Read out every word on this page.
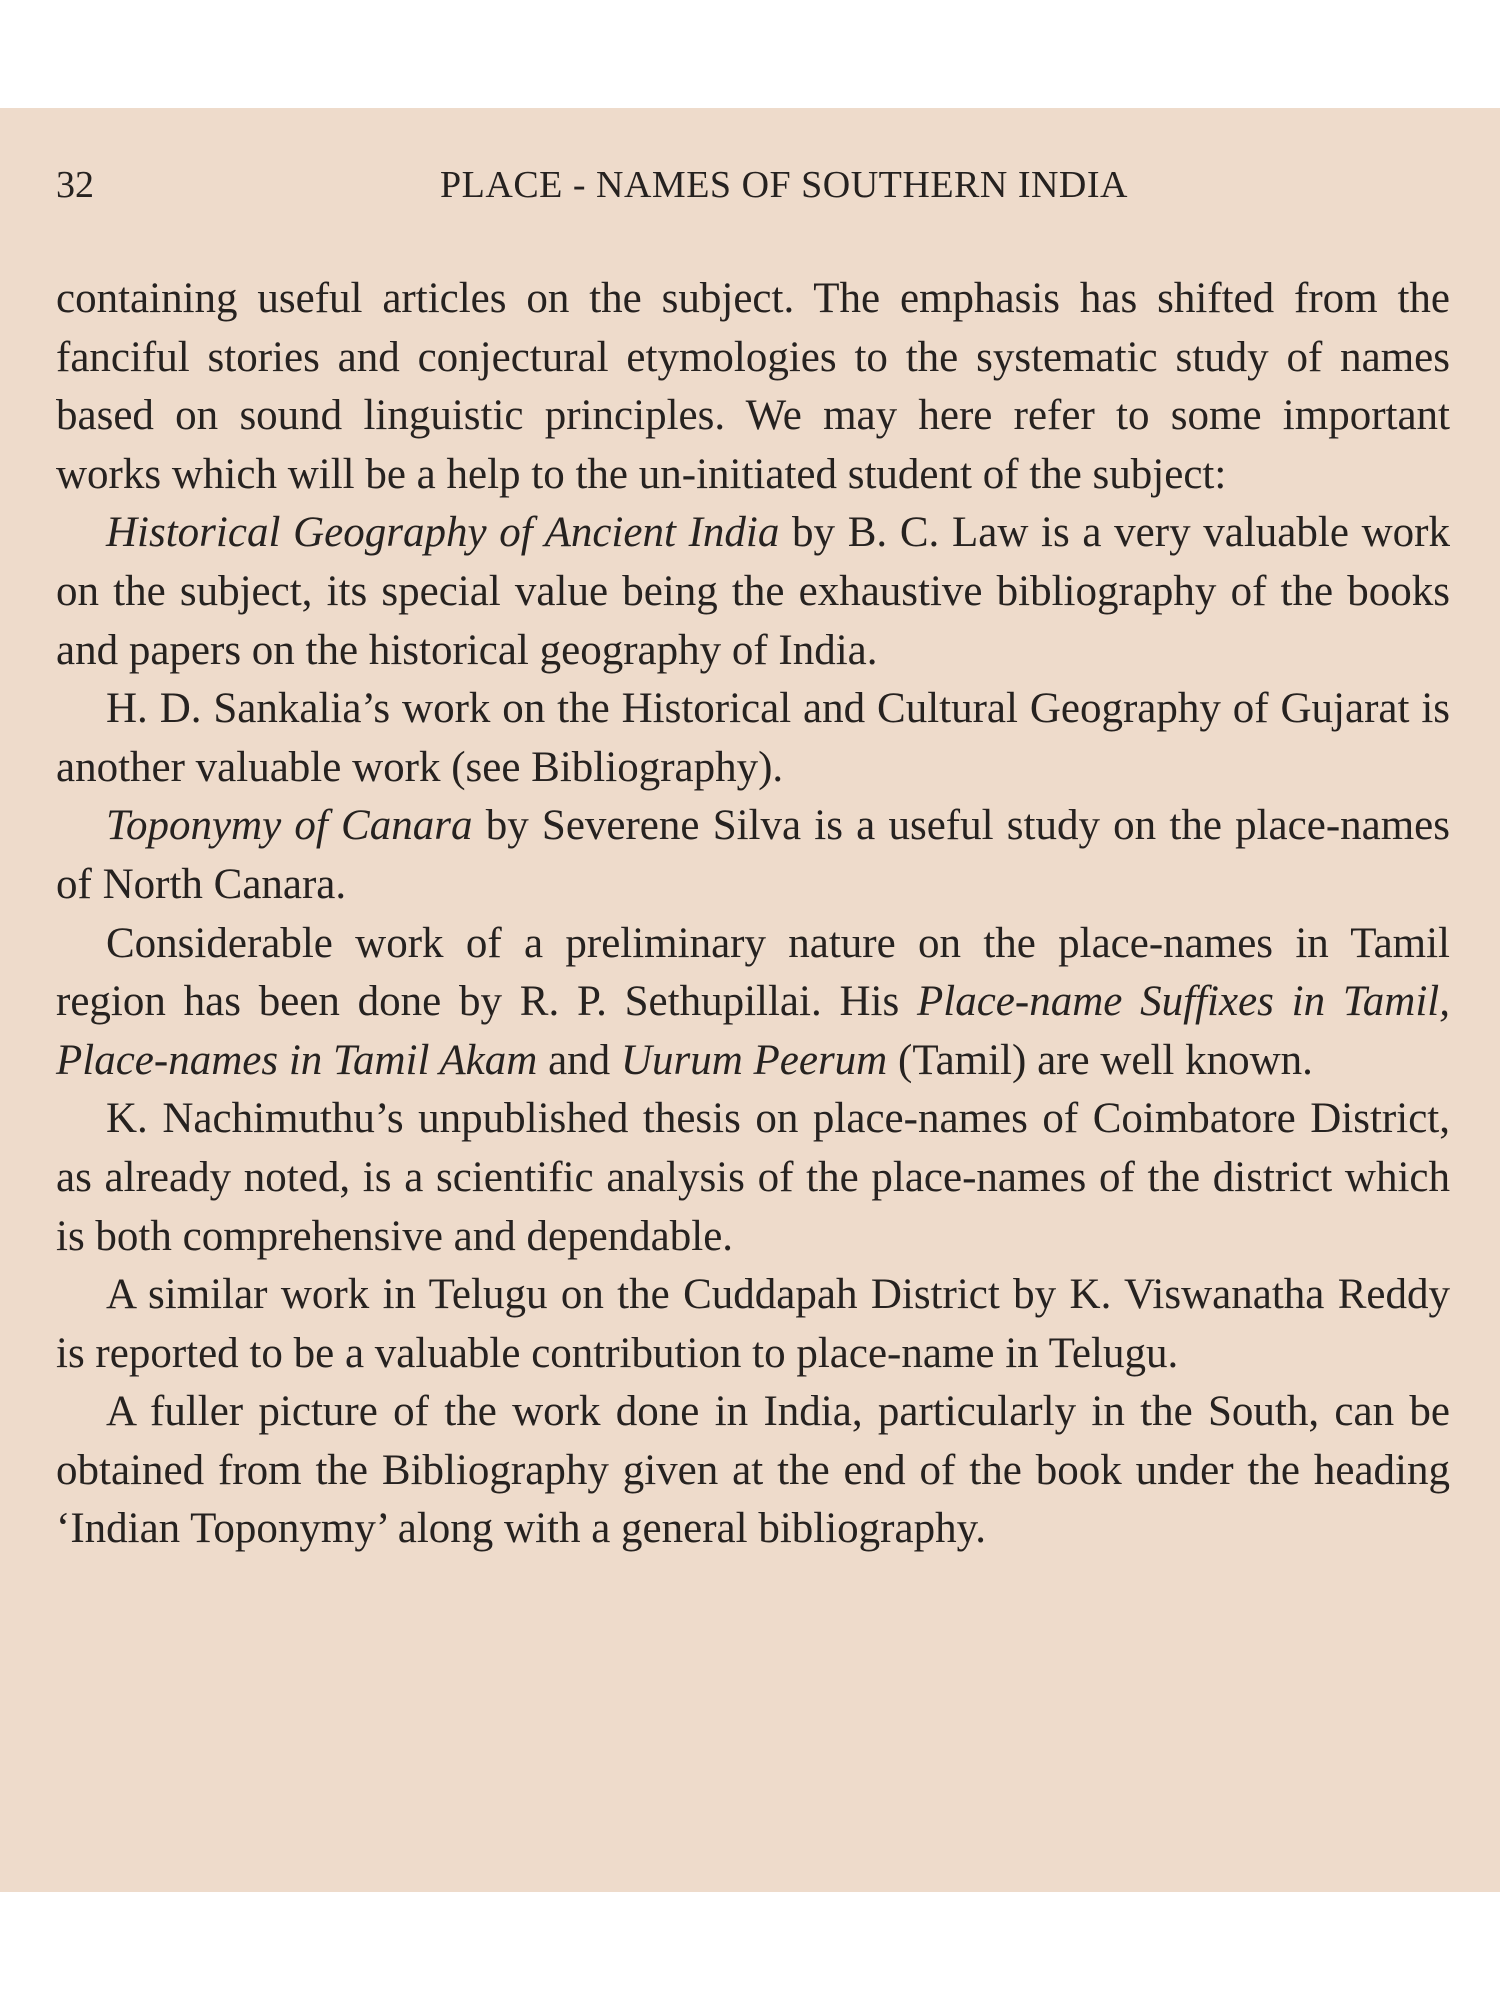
32	PLACE - NAMES OF SOUTHERN INDIA

containing useful articles on the subject. The emphasis has shifted from the fanciful stories and conjectural etymologies to the systematic study of names based on sound linguistic principles. We may here refer to some important works which will be a help to the un-initiated student of the subject:

Historical Geography of Ancient India by B. C. Law is a very valuable work on the subject, its special value being the exhaustive bibliography of the books and papers on the historical geography of India.

H. D. Sankalia’s work on the Historical and Cultural Geography of Gujarat is another valuable work (see Bibliography).

Toponymy of Canara by Severene Silva is a useful study on the place-names of North Canara.

Considerable work of a preliminary nature on the place-names in Tamil region has been done by R. P. Sethupillai. His Place-name Suffixes in Tamil, Place-names in Tamil Akam and Uurum Peerum (Tamil) are well known.

K. Nachimuthu’s unpublished thesis on place-names of Coimbatore District, as already noted, is a scientific analysis of the place-names of the district which is both comprehensive and dependable.

A similar work in Telugu on the Cuddapah District by K. Viswanatha Reddy is reported to be a valuable contribution to place-name in Telugu.

A fuller picture of the work done in India, particularly in the South, can be obtained from the Bibliography given at the end of the book under the heading ‘Indian Toponymy’ along with a general bibliography.
